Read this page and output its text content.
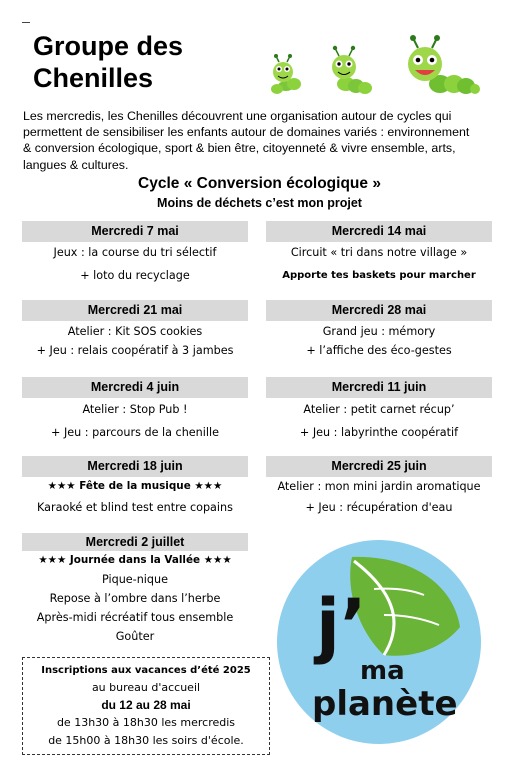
Groupe des
Chenilles
Les mercredis, les Chenilles découvrent une organisation autour de cycles qui
permettent de sensibiliser les enfants autour de domaines variés : environnement
& conversion écologique, sport & bien être, citoyenneté & vivre ensemble, arts,
langues & cultures.
Cycle « Conversion écologique »
Moins de déchets c’est mon projet
Mercredi 7 mai
Jeux : la course du tri sélectif
+ loto du recyclage
Mercredi 14 mai
Circuit « tri dans notre village »
Apporte tes baskets pour marcher
Mercredi 21 mai
Atelier : Kit SOS cookies
+ Jeu : relais coopératif à 3 jambes
Mercredi 28 mai
Grand jeu : mémory
+ l’affiche des éco-gestes
Mercredi 4 juin
Atelier : Stop Pub !
+ Jeu : parcours de la chenille
Mercredi 11 juin
Atelier : petit carnet récup’
+ Jeu : labyrinthe coopératif
Mercredi 18 juin
★★★ Fête de la musique ★★★
Karaoké et blind test entre copains
Mercredi 25 juin
Atelier : mon mini jardin aromatique
+ Jeu : récupération d'eau
Mercredi 2 juillet
★★★ Journée dans la Vallée ★★★
Pique-nique
Repose à l’ombre dans l’herbe
Après-midi récréatif tous ensemble
Goûter
Inscriptions aux vacances d’été 2025
au bureau d'accueil
du 12 au 28 mai
de 13h30 à 18h30 les mercredis
de 15h00 à 18h30 les soirs d'école.
j’
ma
planète
